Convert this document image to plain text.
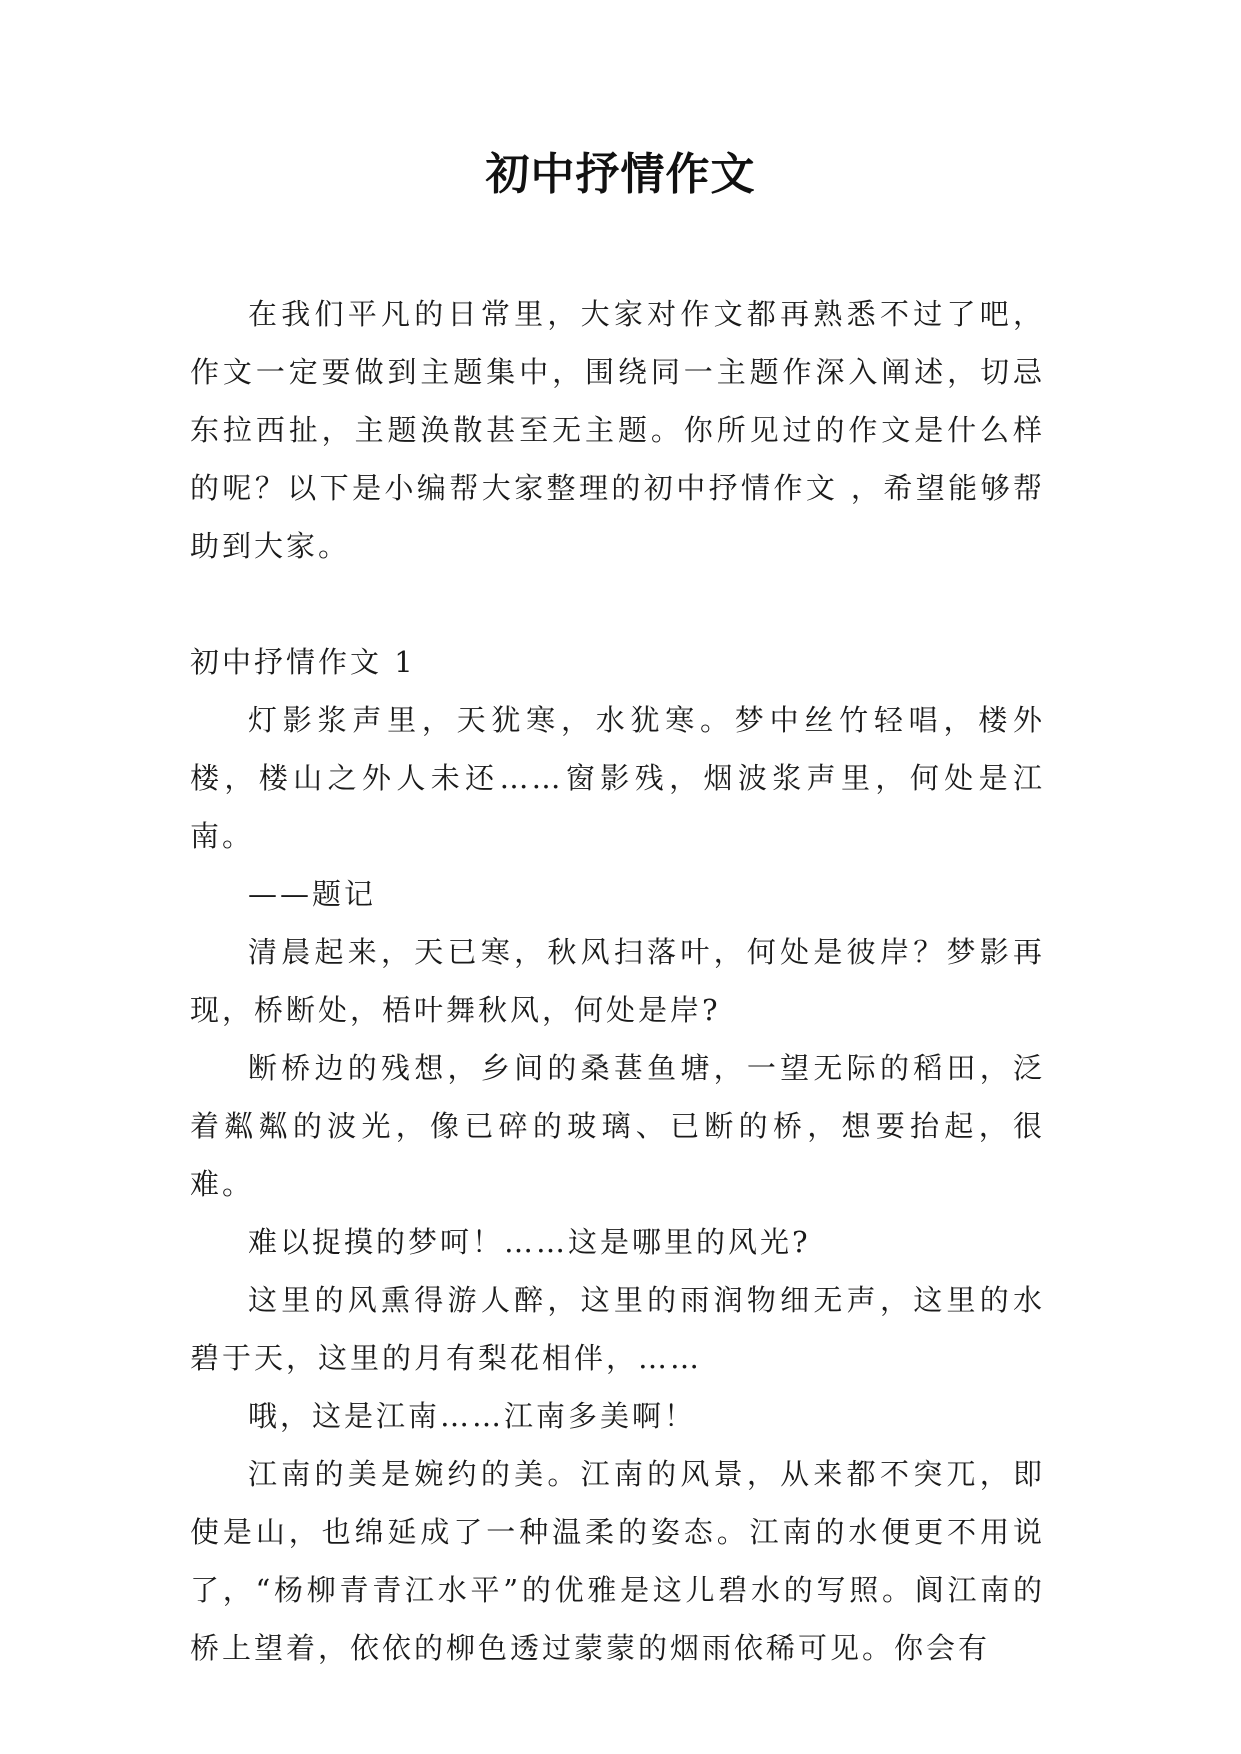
初中抒情作文

在我们平凡的日常里，大家对作文都再熟悉不过了吧，作文一定要做到主题集中，围绕同一主题作深入阐述，切忌东拉西扯，主题涣散甚至无主题。你所见过的作文是什么样的呢？以下是小编帮大家整理的初中抒情作文 ，希望能够帮助到大家。

初中抒情作文 1

灯影浆声里，天犹寒，水犹寒。梦中丝竹轻唱，楼外楼，楼山之外人未还……窗影残，烟波浆声里，何处是江南。

——题记

清晨起来，天已寒，秋风扫落叶，何处是彼岸？梦影再现，桥断处，梧叶舞秋风，何处是岸?

断桥边的残想，乡间的桑葚鱼塘，一望无际的稻田，泛着粼粼的波光，像已碎的玻璃、已断的桥，想要抬起，很难。

难以捉摸的梦呵！……这是哪里的风光?

这里的风熏得游人醉，这里的雨润物细无声，这里的水碧于天，这里的月有梨花相伴，……

哦，这是江南……江南多美啊！

江南的美是婉约的美。江南的风景，从来都不突兀，即使是山，也绵延成了一种温柔的姿态。江南的水便更不用说了，“杨柳青青江水平”的优雅是这儿碧水的写照。阆江南的桥上望着，依依的柳色透过蒙蒙的烟雨依稀可见。你会有
